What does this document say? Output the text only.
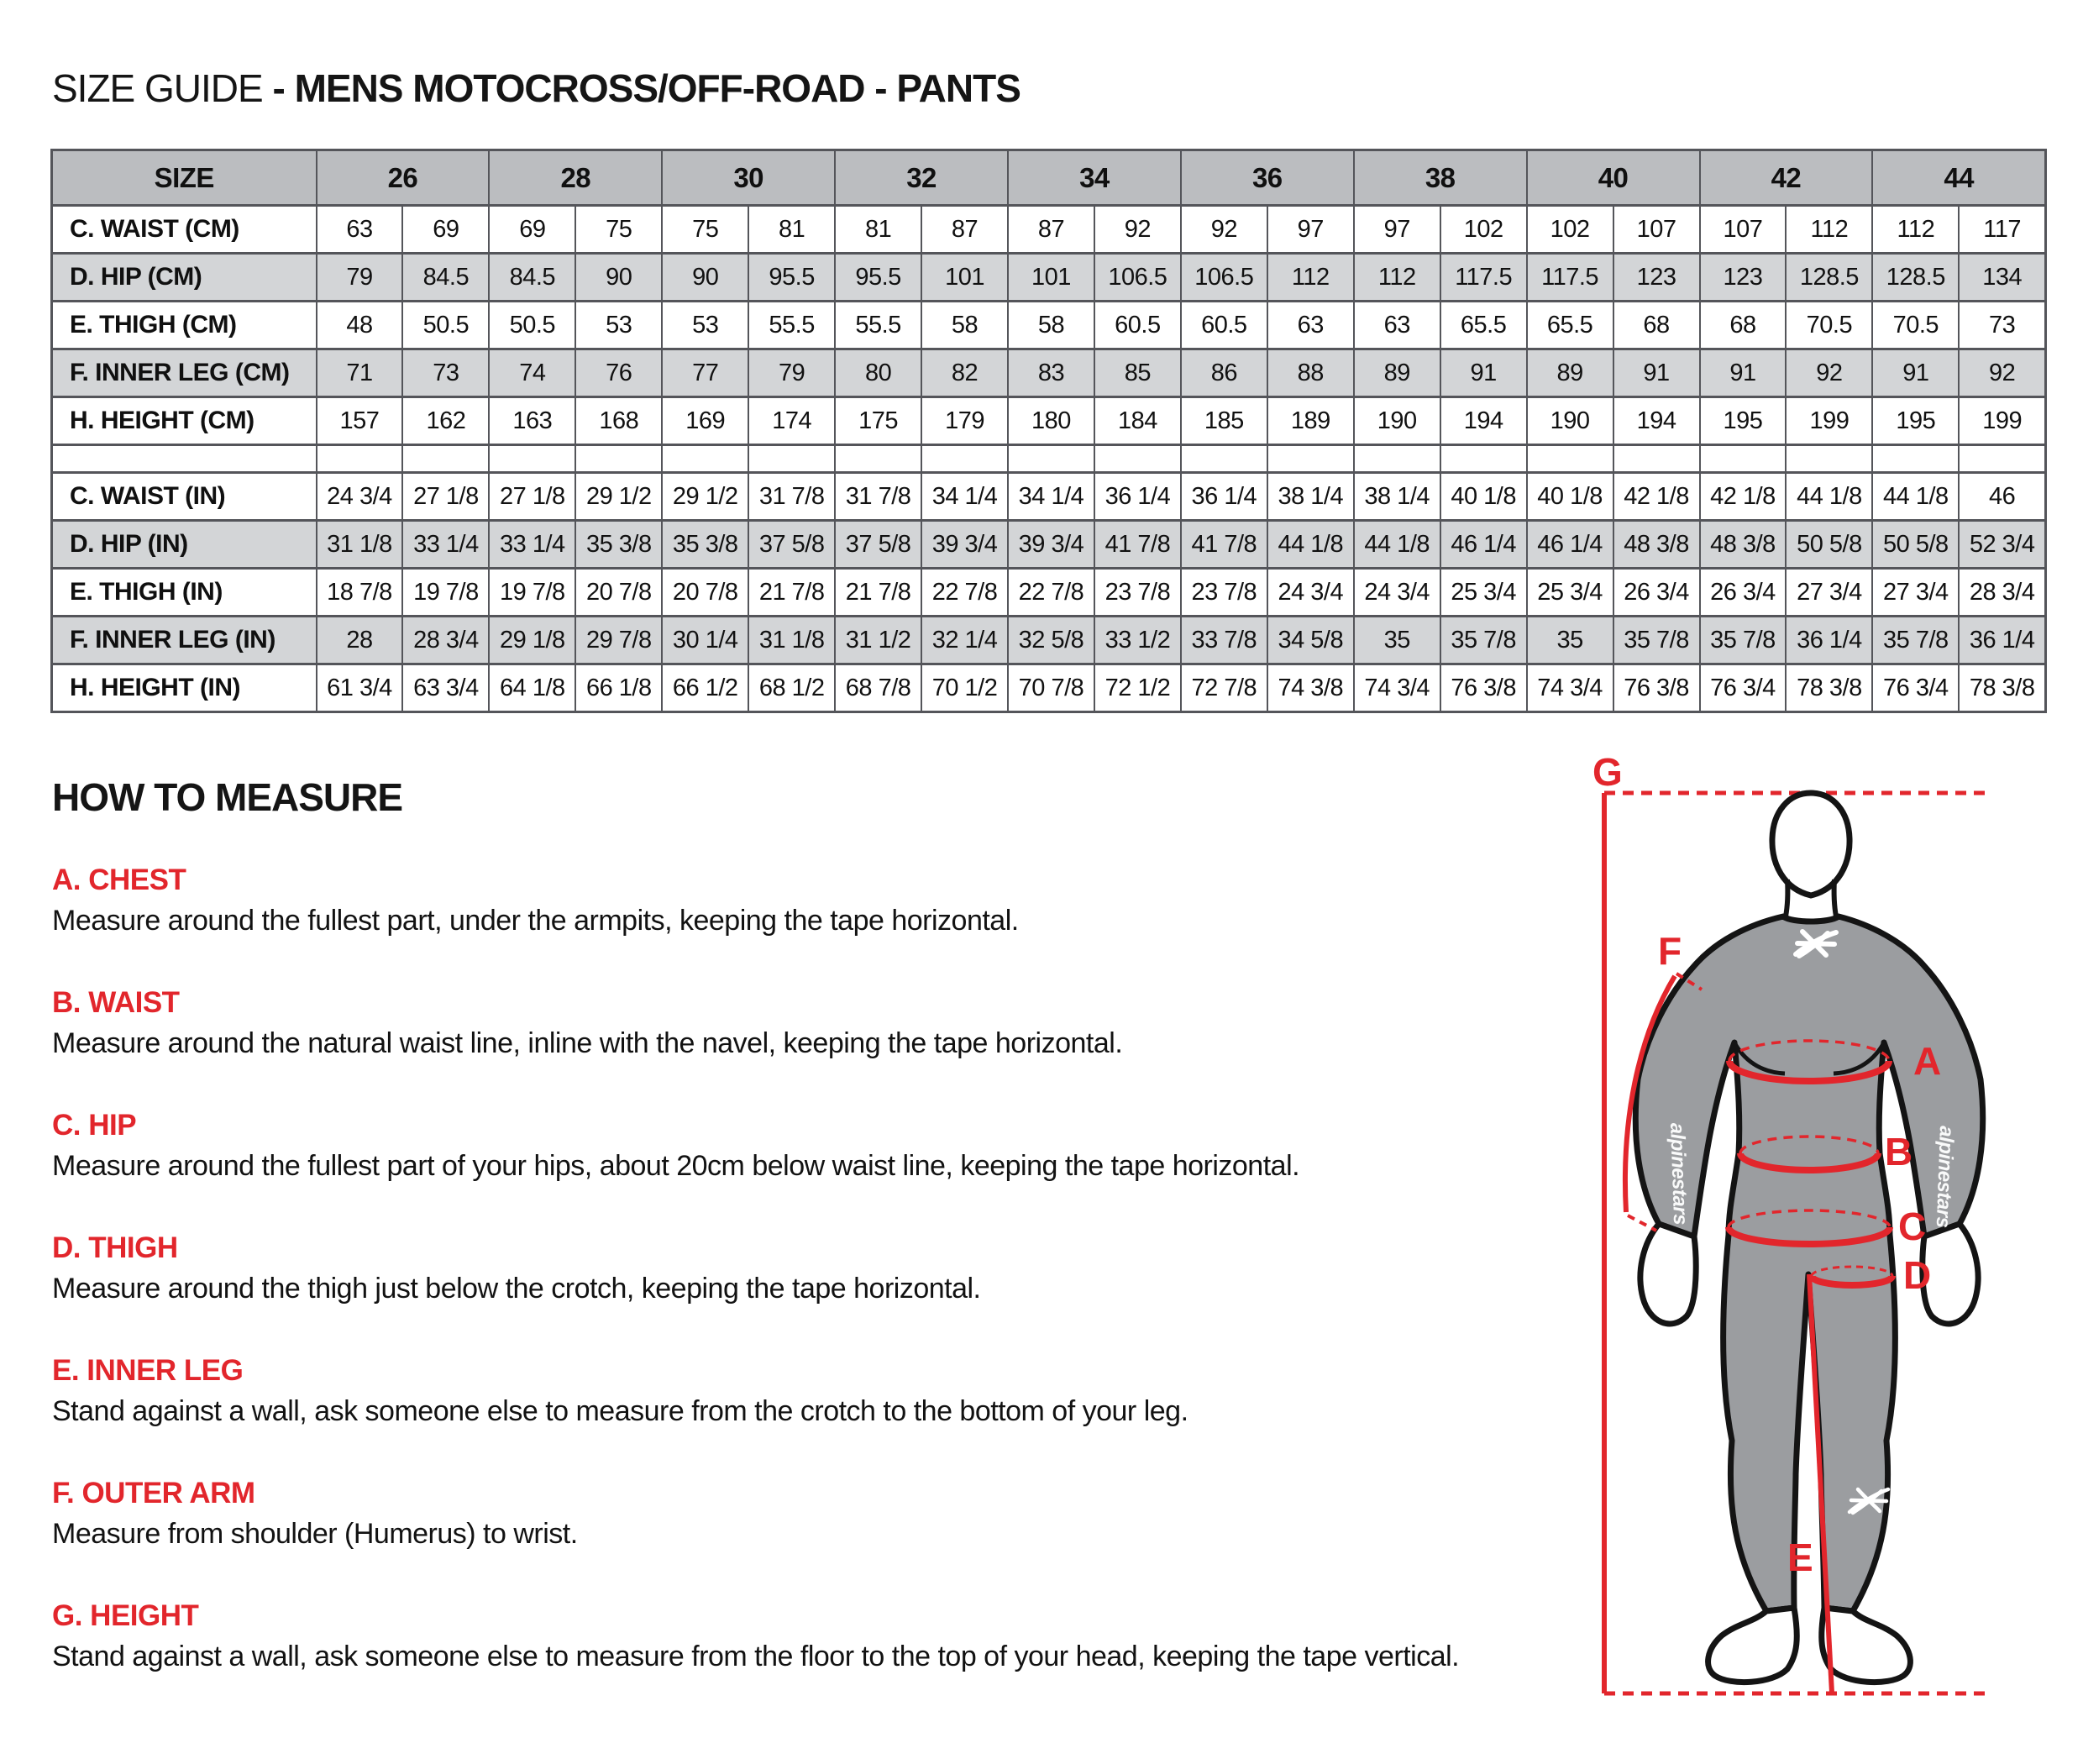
SIZE GUIDE - MENS MOTOCROSS/OFF-ROAD - PANTS
SIZE	26		28		30		32		34		36		38		40		42		44	
C. WAIST (CM)	63	69	69	75	75	81	81	87	87	92	92	97	97	102	102	107	107	112	112	117
D. HIP (CM)	79	84.5	84.5	90	90	95.5	95.5	101	101	106.5	106.5	112	112	117.5	117.5	123	123	128.5	128.5	134
E. THIGH (CM)	48	50.5	50.5	53	53	55.5	55.5	58	58	60.5	60.5	63	63	65.5	65.5	68	68	70.5	70.5	73
F. INNER LEG (CM)	71	73	74	76	77	79	80	82	83	85	86	88	89	91	89	91	91	92	91	92
H. HEIGHT (CM)	157	162	163	168	169	174	175	179	180	184	185	189	190	194	190	194	195	199	195	199

C. WAIST (IN)	24 3/4	27 1/8	27 1/8	29 1/2	29 1/2	31 7/8	31 7/8	34 1/4	34 1/4	36 1/4	36 1/4	38 1/4	38 1/4	40 1/8	40 1/8	42 1/8	42 1/8	44 1/8	44 1/8	46
D. HIP (IN)	31 1/8	33 1/4	33 1/4	35 3/8	35 3/8	37 5/8	37 5/8	39 3/4	39 3/4	41 7/8	41 7/8	44 1/8	44 1/8	46 1/4	46 1/4	48 3/8	48 3/8	50 5/8	50 5/8	52 3/4
E. THIGH (IN)	18 7/8	19 7/8	19 7/8	20 7/8	20 7/8	21 7/8	21 7/8	22 7/8	22 7/8	23 7/8	23 7/8	24 3/4	24 3/4	25 3/4	25 3/4	26 3/4	26 3/4	27 3/4	27 3/4	28 3/4
F. INNER LEG (IN)	28	28 3/4	29 1/8	29 7/8	30 1/4	31 1/8	31 1/2	32 1/4	32 5/8	33 1/2	33 7/8	34 5/8	35	35 7/8	35	35 7/8	35 7/8	36 1/4	35 7/8	36 1/4
H. HEIGHT (IN)	61 3/4	63 3/4	64 1/8	66 1/8	66 1/2	68 1/2	68 7/8	70 1/2	70 7/8	72 1/2	72 7/8	74 3/8	74 3/4	76 3/8	74 3/4	76 3/8	76 3/4	78 3/8	76 3/4	78 3/8
HOW TO MEASURE
A. CHEST
Measure around the fullest part, under the armpits, keeping the tape horizontal.
B. WAIST
Measure around the natural waist line, inline with the navel, keeping the tape horizontal.
C. HIP
Measure around the fullest part of your hips, about 20cm below waist line, keeping the tape horizontal.
D. THIGH
Measure around the thigh just below the crotch, keeping the tape horizontal.
E. INNER LEG
Stand against a wall, ask someone else to measure from the crotch to the bottom of your leg.
F. OUTER ARM
Measure from shoulder (Humerus) to wrist.
G. HEIGHT
Stand against a wall, ask someone else to measure from the floor to the top of your head, keeping the tape vertical.
G
alpinestars	alpinestars
A
B
C
D
E
F
